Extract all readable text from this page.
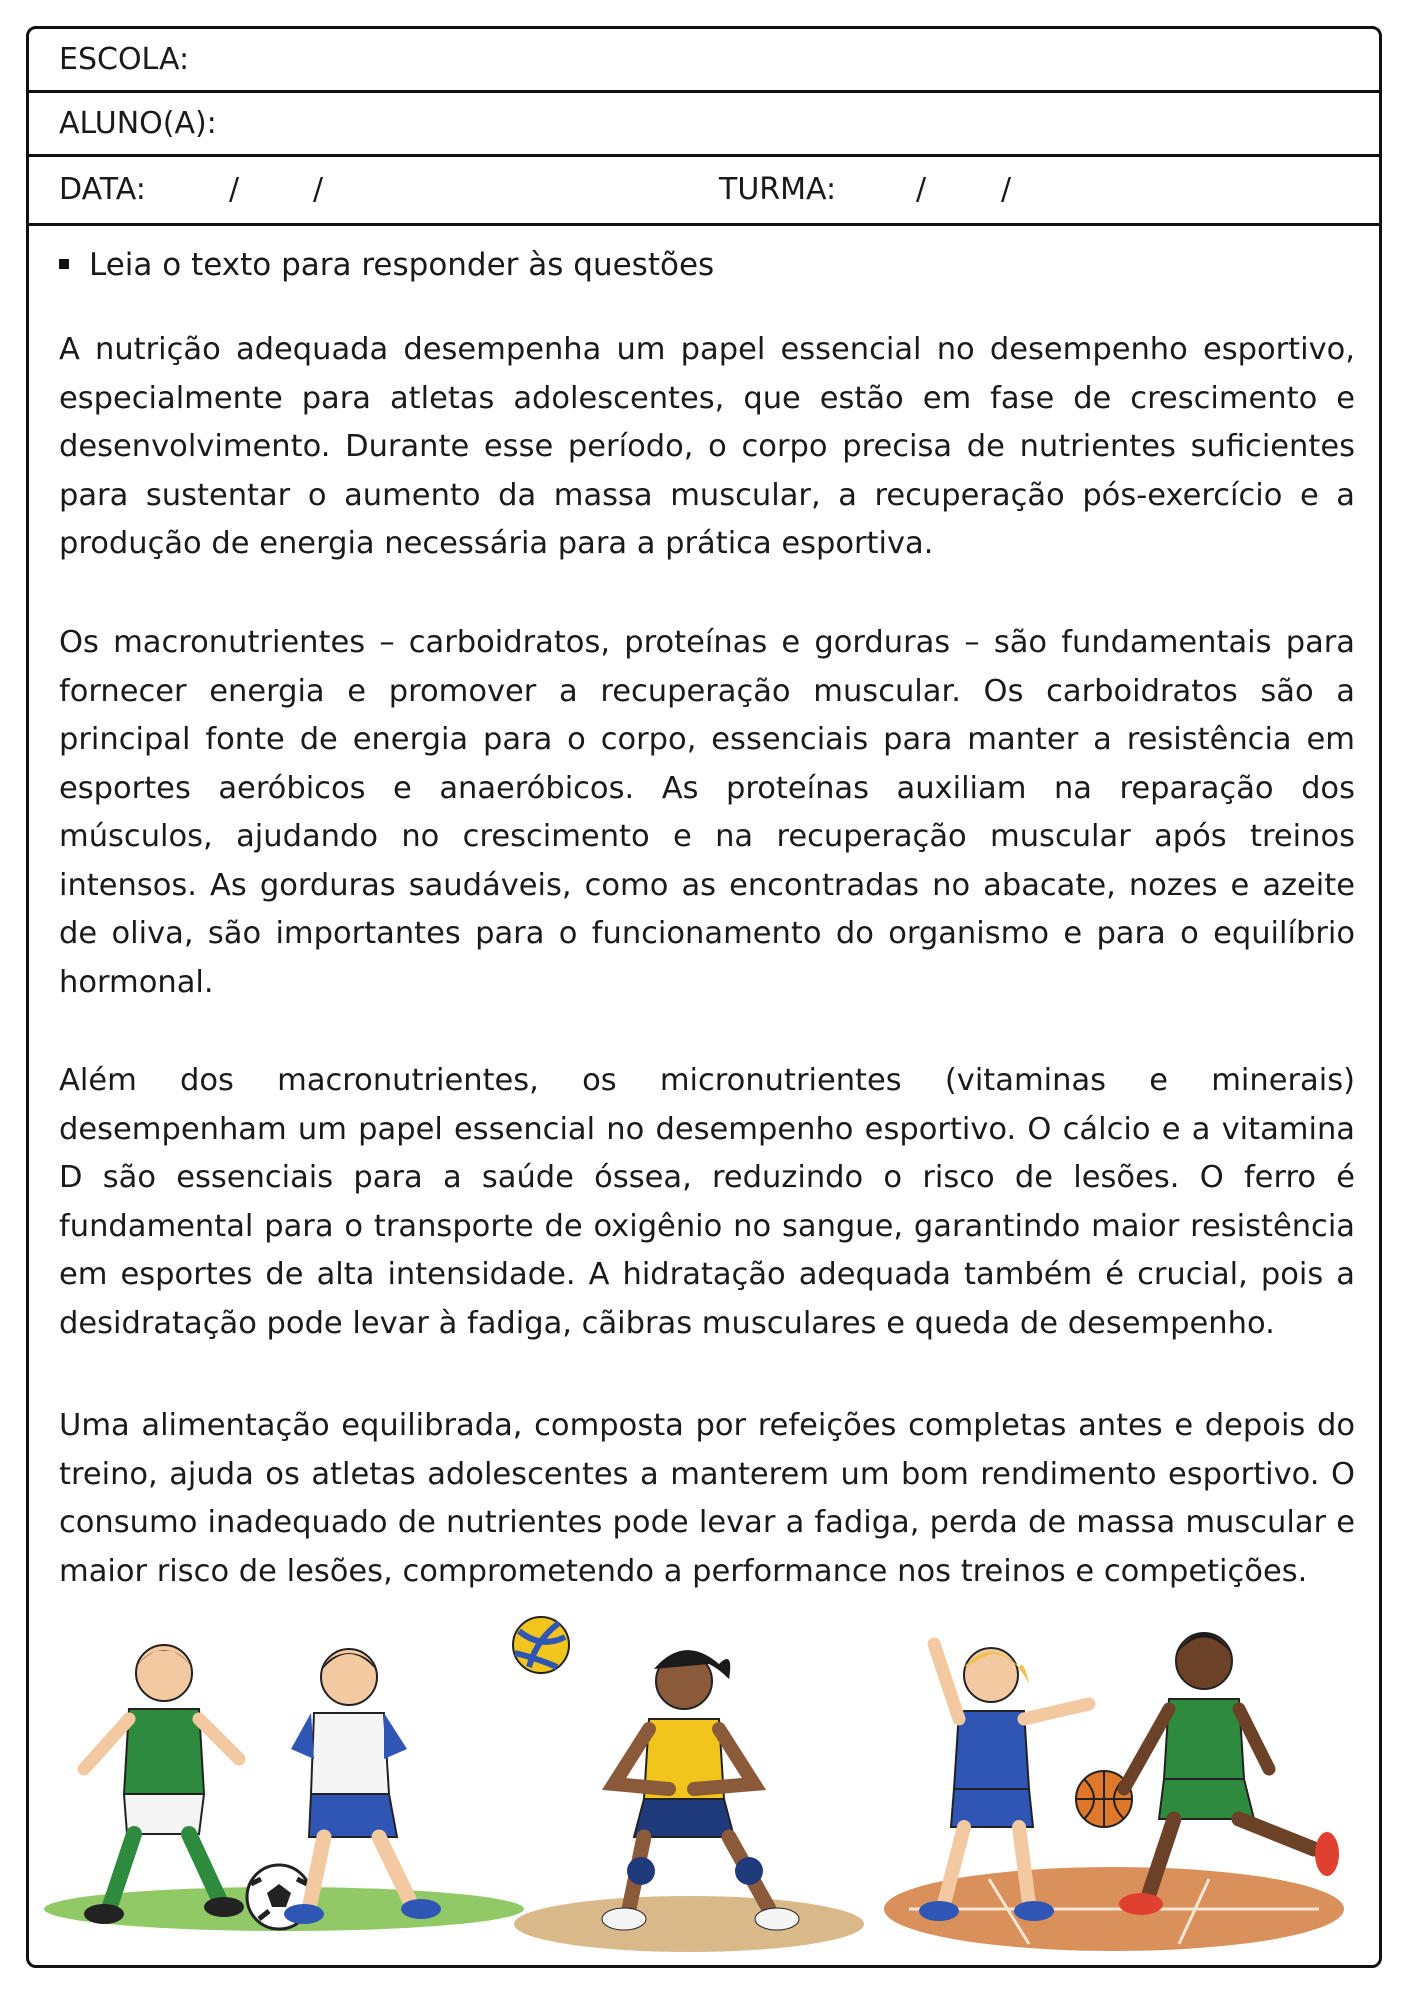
ESCOLA:
ALUNO(A):
DATA:	/ /	TURMA:	/ /
Leia o texto para responder às questões

A nutrição adequada desempenha um papel essencial no desempenho esportivo, especialmente para atletas adolescentes, que estão em fase de crescimento e desenvolvimento. Durante esse período, o corpo precisa de nutrientes suficientes para sustentar o aumento da massa muscular, a recuperação pós-exercício e a produção de energia necessária para a prática esportiva.

Os macronutrientes – carboidratos, proteínas e gorduras – são fundamentais para fornecer energia e promover a recuperação muscular. Os carboidratos são a principal fonte de energia para o corpo, essenciais para manter a resistência em esportes aeróbicos e anaeróbicos. As proteínas auxiliam na reparação dos músculos, ajudando no crescimento e na recuperação muscular após treinos intensos. As gorduras saudáveis, como as encontradas no abacate, nozes e azeite de oliva, são importantes para o funcionamento do organismo e para o equilíbrio hormonal.

Além dos macronutrientes, os micronutrientes (vitaminas e minerais) desempenham um papel essencial no desempenho esportivo. O cálcio e a vitamina D são essenciais para a saúde óssea, reduzindo o risco de lesões. O ferro é fundamental para o transporte de oxigênio no sangue, garantindo maior resistência em esportes de alta intensidade. A hidratação adequada também é crucial, pois a desidratação pode levar à fadiga, cãibras musculares e queda de desempenho.

Uma alimentação equilibrada, composta por refeições completas antes e depois do treino, ajuda os atletas adolescentes a manterem um bom rendimento esportivo. O consumo inadequado de nutrientes pode levar a fadiga, perda de massa muscular e maior risco de lesões, comprometendo a performance nos treinos e competições.
